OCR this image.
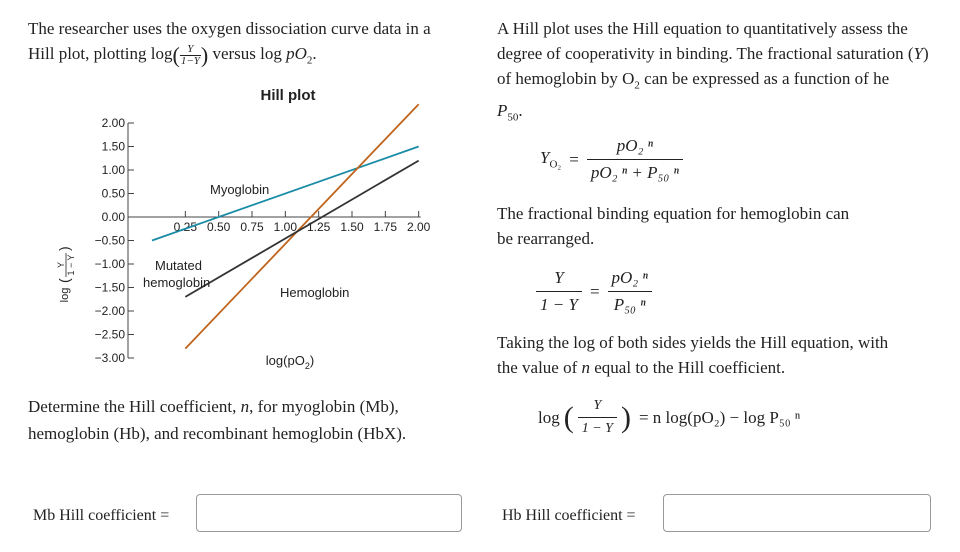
The researcher uses the oxygen dissociation curve data in a
Hill plot, plotting $\log( \frac{Y}{1-Y}$ ) versus $\log pO_2$.
Hill plot
2.00
1.50
1.00
0.50
0.00
−0.50
−1.00
−1.50
−2.00
−2.50
−3.00
0.25 0.50 0.75 1.00 1.25 1.50 1.75 2.00
Myoglobin
Mutated
hemoglobin
Hemoglobin
$\log(pO_2)$
log
Y 1 − Y
(
)
Determine the Hill coefficient, n, for myoglobin (Mb),
hemoglobin (Hb), and recombinant hemoglobin (HbX).
A Hill plot uses the Hill equation to quantitatively assess the degree of cooperativity in binding. The fractional saturation (Y) of hemoglobin by $O_2$ can be expressed as a function of he
$P_{50}$.
$Y_{O_2} = \frac{\text{pO₂ ⁿ}}{\text{pO₂ ⁿ + P₅₀ ⁿ}}$
The fractional binding equation for hemoglobin can
be rearranged.
$\frac{Y}{1 - Y} = \frac{\text{pO₂ ⁿ}}{\text{P₅₀ ⁿ}}$
Taking the log of both sides yields the Hill equation, with
the value of n equal to the Hill coefficient.
log ( $\frac{Y}{1 - Y}$ ) = n log(pO₂) − log P₅₀ ⁿ
Mb Hill coefficient =	Hb Hill coefficient =
